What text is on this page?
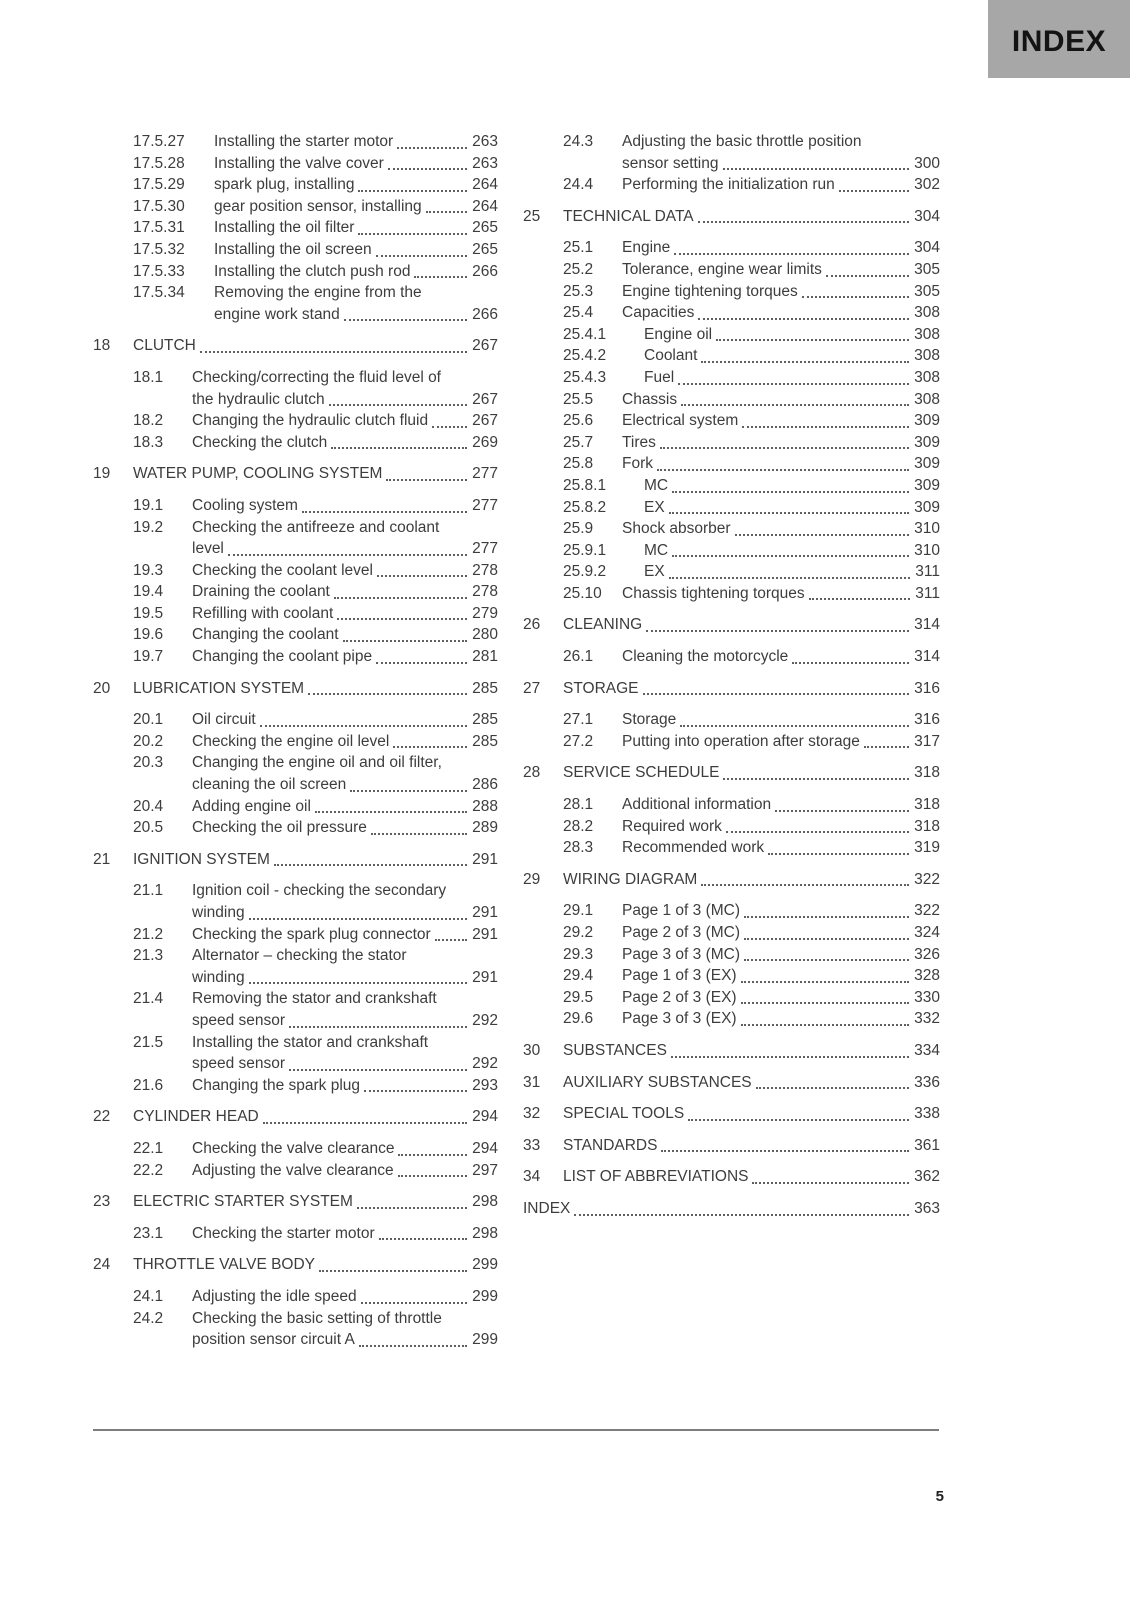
INDEX
17.5.27	Installing the starter motor	263
17.5.28	Installing the valve cover	263
17.5.29	spark plug, installing	264
17.5.30	gear position sensor, installing	264
17.5.31	Installing the oil filter	265
17.5.32	Installing the oil screen	265
17.5.33	Installing the clutch push rod	266
17.5.34	Removing the engine from the
engine work stand	266
18	CLUTCH	267
18.1	Checking/correcting the fluid level of
the hydraulic clutch	267
18.2	Changing the hydraulic clutch fluid	267
18.3	Checking the clutch	269
19	WATER PUMP, COOLING SYSTEM	277
19.1	Cooling system	277
19.2	Checking the antifreeze and coolant
level	277
19.3	Checking the coolant level	278
19.4	Draining the coolant	278
19.5	Refilling with coolant	279
19.6	Changing the coolant	280
19.7	Changing the coolant pipe	281
20	LUBRICATION SYSTEM	285
20.1	Oil circuit	285
20.2	Checking the engine oil level	285
20.3	Changing the engine oil and oil filter,
cleaning the oil screen	286
20.4	Adding engine oil	288
20.5	Checking the oil pressure	289
21	IGNITION SYSTEM	291
21.1	Ignition coil - checking the secondary
winding	291
21.2	Checking the spark plug connector	291
21.3	Alternator – checking the stator
winding	291
21.4	Removing the stator and crankshaft
speed sensor	292
21.5	Installing the stator and crankshaft
speed sensor	292
21.6	Changing the spark plug	293
22	CYLINDER HEAD	294
22.1	Checking the valve clearance	294
22.2	Adjusting the valve clearance	297
23	ELECTRIC STARTER SYSTEM	298
23.1	Checking the starter motor	298
24	THROTTLE VALVE BODY	299
24.1	Adjusting the idle speed	299
24.2	Checking the basic setting of throttle
position sensor circuit A	299
24.3	Adjusting the basic throttle position
sensor setting	300
24.4	Performing the initialization run	302
25	TECHNICAL DATA	304
25.1	Engine	304
25.2	Tolerance, engine wear limits	305
25.3	Engine tightening torques	305
25.4	Capacities	308
25.4.1	Engine oil	308
25.4.2	Coolant	308
25.4.3	Fuel	308
25.5	Chassis	308
25.6	Electrical system	309
25.7	Tires	309
25.8	Fork	309
25.8.1	MC	309
25.8.2	EX	309
25.9	Shock absorber	310
25.9.1	MC	310
25.9.2	EX	311
25.10	Chassis tightening torques	311
26	CLEANING	314
26.1	Cleaning the motorcycle	314
27	STORAGE	316
27.1	Storage	316
27.2	Putting into operation after storage	317
28	SERVICE SCHEDULE	318
28.1	Additional information	318
28.2	Required work	318
28.3	Recommended work	319
29	WIRING DIAGRAM	322
29.1	Page 1 of 3 (MC)	322
29.2	Page 2 of 3 (MC)	324
29.3	Page 3 of 3 (MC)	326
29.4	Page 1 of 3 (EX)	328
29.5	Page 2 of 3 (EX)	330
29.6	Page 3 of 3 (EX)	332
30	SUBSTANCES	334
31	AUXILIARY SUBSTANCES	336
32	SPECIAL TOOLS	338
33	STANDARDS	361
34	LIST OF ABBREVIATIONS	362
INDEX	363
5
